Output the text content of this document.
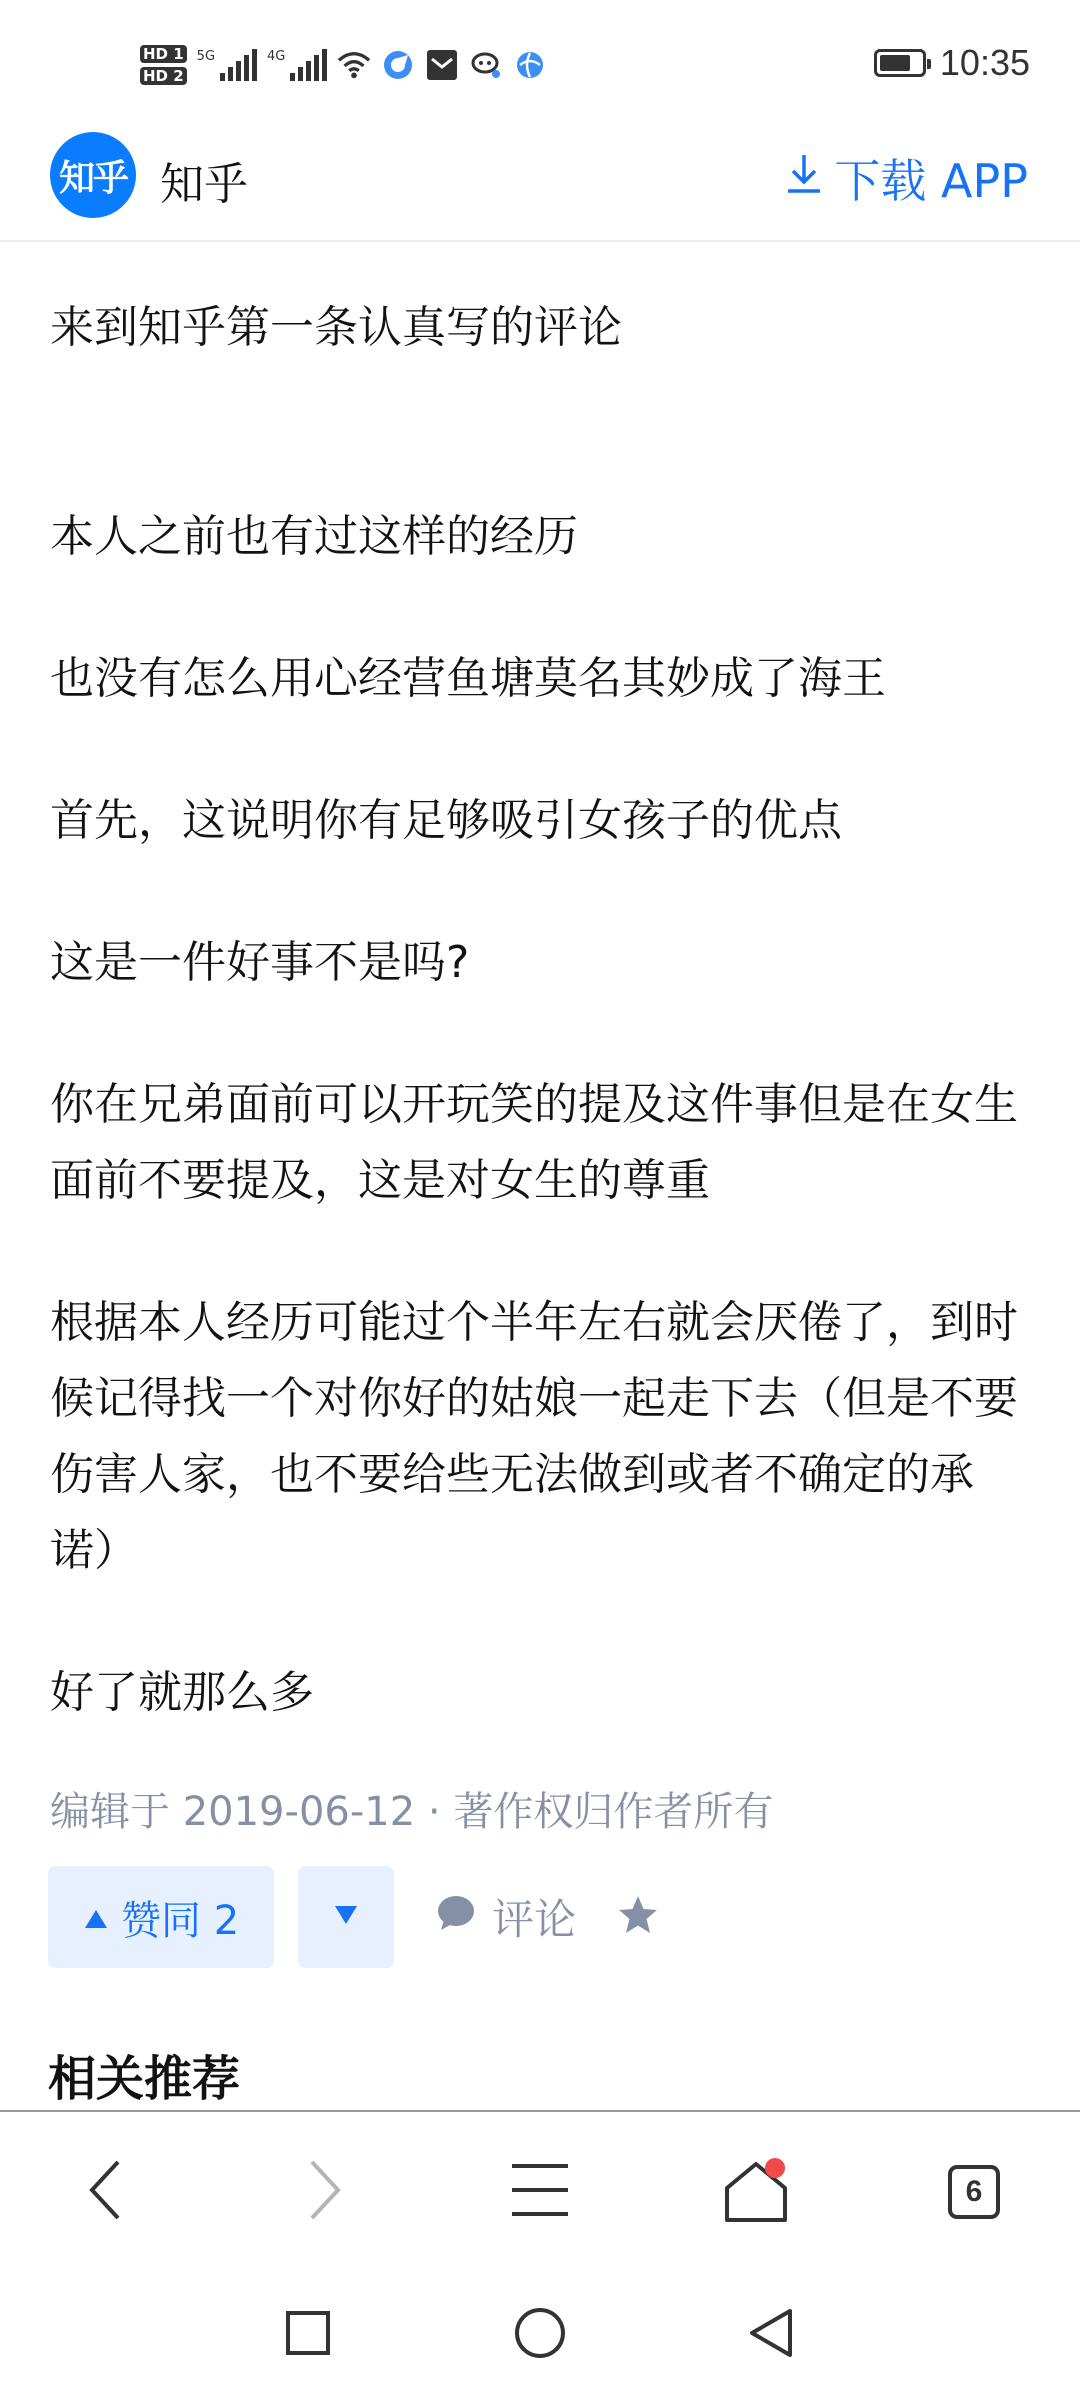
HD 1
HD 2
5G	4G	10:35
知乎 知乎	下载 APP

来到知乎第一条认真写的评论

本人之前也有过这样的经历

也没有怎么用心经营鱼塘莫名其妙成了海王

首先，这说明你有足够吸引女孩子的优点

这是一件好事不是吗?

你在兄弟面前可以开玩笑的提及这件事但是在女生面前不要提及，这是对女生的尊重

根据本人经历可能过个半年左右就会厌倦了，到时候记得找一个对你好的姑娘一起走下去（但是不要伤害人家，也不要给些无法做到或者不确定的承诺）

好了就那么多

编辑于 2019-06-12 · 著作权归作者所有
赞同 2	评论
相关推荐
6
